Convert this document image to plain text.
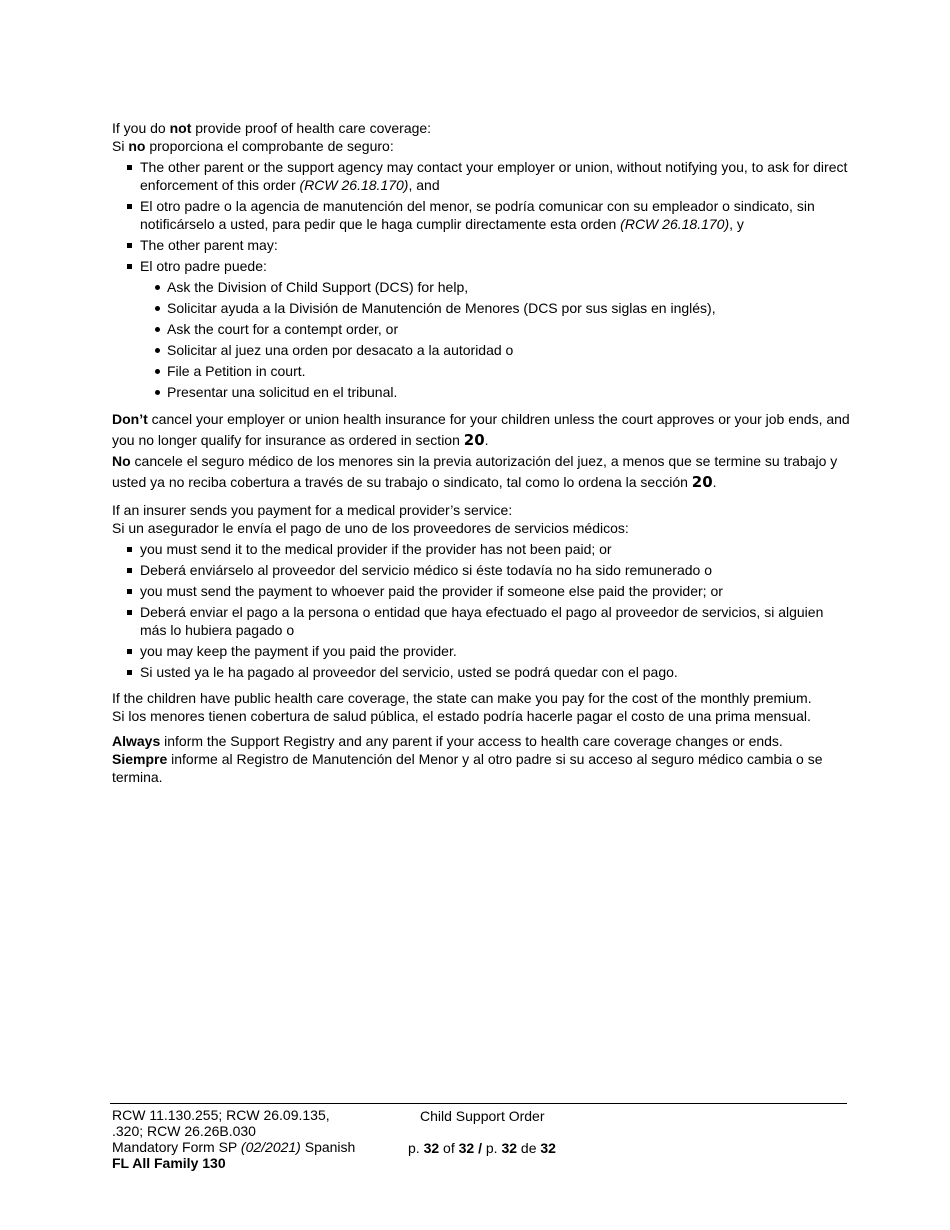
If you do not provide proof of health care coverage:

Si no proporciona el comprobante de seguro:

The other parent or the support agency may contact your employer or union, without notifying you, to ask for direct enforcement of this order (RCW 26.18.170), and
El otro padre o la agencia de manutención del menor, se podría comunicar con su empleador o sindicato, sin notificárselo a usted, para pedir que le haga cumplir directamente esta orden (RCW 26.18.170), y
The other parent may:
El otro padre puede:
Ask the Division of Child Support (DCS) for help,
Solicitar ayuda a la División de Manutención de Menores (DCS por sus siglas en inglés),
Ask the court for a contempt order, or
Solicitar al juez una orden por desacato a la autoridad o
File a Petition in court.
Presentar una solicitud en el tribunal.

Don’t cancel your employer or union health insurance for your children unless the court approves or your job ends, and you no longer qualify for insurance as ordered in section 20.

No cancele el seguro médico de los menores sin la previa autorización del juez, a menos que se termine su trabajo y usted ya no reciba cobertura a través de su trabajo o sindicato, tal como lo ordena la sección 20.

If an insurer sends you payment for a medical provider’s service:

Si un asegurador le envía el pago de uno de los proveedores de servicios médicos:

you must send it to the medical provider if the provider has not been paid; or
Deberá enviárselo al proveedor del servicio médico si éste todavía no ha sido remunerado o
you must send the payment to whoever paid the provider if someone else paid the provider; or
Deberá enviar el pago a la persona o entidad que haya efectuado el pago al proveedor de servicios, si alguien más lo hubiera pagado o
you may keep the payment if you paid the provider.
Si usted ya le ha pagado al proveedor del servicio, usted se podrá quedar con el pago.

If the children have public health care coverage, the state can make you pay for the cost of the monthly premium.

Si los menores tienen cobertura de salud pública, el estado podría hacerle pagar el costo de una prima mensual.

Always inform the Support Registry and any parent if your access to health care coverage changes or ends.

Siempre informe al Registro de Manutención del Menor y al otro padre si su acceso al seguro médico cambia o se termina.

RCW 11.130.255; RCW 26.09.135,
.320; RCW 26.26B.030
Mandatory Form SP (02/2021) Spanish
FL All Family 130
Child Support Order
p. 32 of 32 / p. 32 de 32
